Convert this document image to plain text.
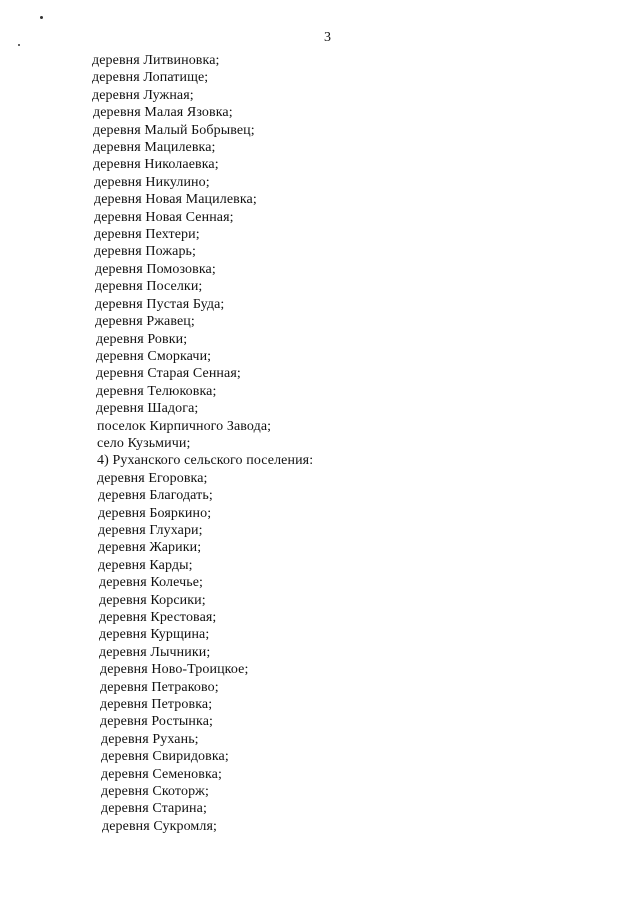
3
деревня Литвиновка;
деревня Лопатище;
деревня Лужная;
деревня Малая Язовка;
деревня Малый Бобрывец;
деревня Мацилевка;
деревня Николаевка;
деревня Никулино;
деревня Новая Мацилевка;
деревня Новая Сенная;
деревня Пехтери;
деревня Пожарь;
деревня Помозовка;
деревня Поселки;
деревня Пустая Буда;
деревня Ржавец;
деревня Ровки;
деревня Сморкачи;
деревня Старая Сенная;
деревня Телюковка;
деревня Шадога;
поселок Кирпичного Завода;
село Кузьмичи;
4) Руханского сельского поселения:
деревня Егоровка;
деревня Благодать;
деревня Бояркино;
деревня Глухари;
деревня Жарики;
деревня Карды;
деревня Колечье;
деревня Корсики;
деревня Крестовая;
деревня Курщина;
деревня Лычники;
деревня Ново-Троицкое;
деревня Петраково;
деревня Петровка;
деревня Ростынка;
деревня Рухань;
деревня Свиридовка;
деревня Семеновка;
деревня Скоторж;
деревня Старина;
деревня Сукромля;
